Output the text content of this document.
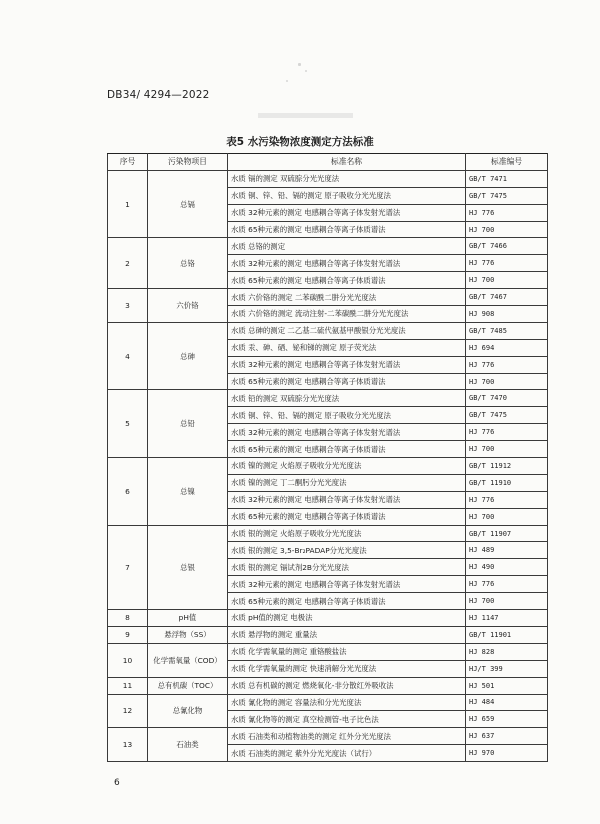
DB34/ 4294—2022
表5 水污染物浓度测定方法标准
序号	污染物项目	标准名称	标准编号
1	总镉	水质 镉的测定 双硫腙分光光度法	GB/T 7471
		水质 铜、锌、铅、镉的测定 原子吸收分光光度法	GB/T 7475
		水质 32种元素的测定 电感耦合等离子体发射光谱法	HJ 776
		水质 65种元素的测定 电感耦合等离子体质谱法	HJ 700
2	总铬	水质 总铬的测定	GB/T 7466
		水质 32种元素的测定 电感耦合等离子体发射光谱法	HJ 776
		水质 65种元素的测定 电感耦合等离子体质谱法	HJ 700
3	六价铬	水质 六价铬的测定 二苯碳酰二肼分光光度法	GB/T 7467
		水质 六价铬的测定 流动注射-二苯碳酰二肼分光光度法	HJ 908
4	总砷	水质 总砷的测定 二乙基二硫代氨基甲酸银分光光度法	GB/T 7485
		水质 汞、砷、硒、铋和锑的测定 原子荧光法	HJ 694
		水质 32种元素的测定 电感耦合等离子体发射光谱法	HJ 776
		水质 65种元素的测定 电感耦合等离子体质谱法	HJ 700
5	总铅	水质 铅的测定 双硫腙分光光度法	GB/T 7470
		水质 铜、锌、铅、镉的测定 原子吸收分光光度法	GB/T 7475
		水质 32种元素的测定 电感耦合等离子体发射光谱法	HJ 776
		水质 65种元素的测定 电感耦合等离子体质谱法	HJ 700
6	总镍	水质 镍的测定 火焰原子吸收分光光度法	GB/T 11912
		水质 镍的测定 丁二酮肟分光光度法	GB/T 11910
		水质 32种元素的测定 电感耦合等离子体发射光谱法	HJ 776
		水质 65种元素的测定 电感耦合等离子体质谱法	HJ 700
7	总银	水质 银的测定 火焰原子吸收分光光度法	GB/T 11907
		水质 银的测定 3,5-Br₂PADAP分光光度法	HJ 489
		水质 银的测定 镉试剂2B分光光度法	HJ 490
		水质 32种元素的测定 电感耦合等离子体发射光谱法	HJ 776
		水质 65种元素的测定 电感耦合等离子体质谱法	HJ 700
8	pH值	水质 pH值的测定 电极法	HJ 1147
9	悬浮物（SS）	水质 悬浮物的测定 重量法	GB/T 11901
10	化学需氧量（COD）	水质 化学需氧量的测定 重铬酸盐法	HJ 828
		水质 化学需氧量的测定 快速消解分光光度法	HJ/T 399
11	总有机碳（TOC）	水质 总有机碳的测定 燃烧氧化-非分散红外吸收法	HJ 501
12	总氰化物	水质 氰化物的测定 容量法和分光光度法	HJ 484
		水质 氰化物等的测定 真空检测管-电子比色法	HJ 659
13	石油类	水质 石油类和动植物油类的测定 红外分光光度法	HJ 637
		水质 石油类的测定 紫外分光光度法（试行）	HJ 970
6
